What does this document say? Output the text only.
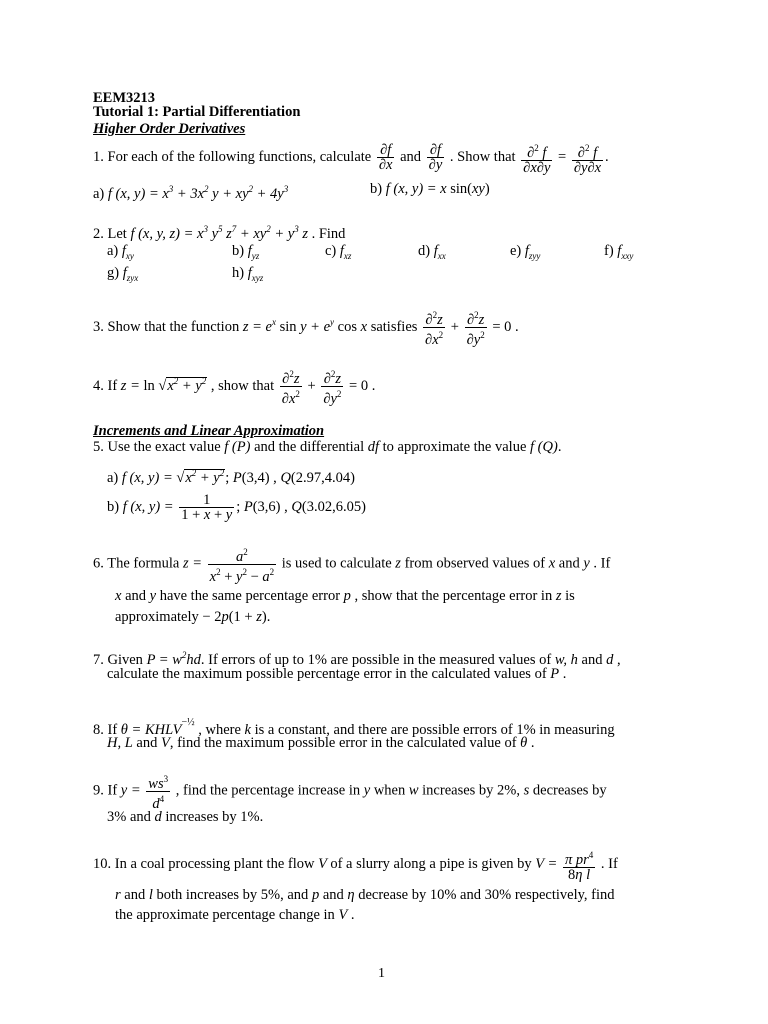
EEM3213
Tutorial 1: Partial Differentiation
Higher Order Derivatives
1. For each of the following functions, calculate $\frac{\partial f}{\partial x}$ and $\frac{\partial f}{\partial y}$ . Show that $\frac{\partial^2 f}{\partial x\partial y} = \frac{\partial^2 f}{\partial y\partial x}$ .
a) f (x, $y) = x^3 + 3x^2$ $y + xy^2 + 4y^3$	b) f (x, y) = x sin(xy)
2. Let f (x, y, $z) = x^3$ $y^5$ $z^7 + xy^2 + y^3$ z . Find
a) $f_{xy}$	b) $f_{yz}$	c) $f_{xz}$	d) $f_{xx}$	e) $f_{zyy}$	f) $f_{xxy}$
g) $f_{zyx}$	h) $f_{xyz}$
3. Show that the function $z = e^x$ $\sin y + e^y$ cos x satisfies $\frac{\partial^2z}{\partial x^2} + \frac{\partial^2z}{\partial y^2} = 0$ .
4. If $z = \ln √x^2 + y^2$ , show that $\frac{\partial^2z}{\partial x^2} + \frac{\partial^2z}{\partial y^2} = 0$ .
Increments and Linear Approximation
5. Use the exact value f (P) and the differential df to approximate the value f (Q).
a) f (x, $y) = √x^2 + y^2$; P(3,4) , Q(2.97,4.04)
b) f (x, $y) = \frac{1}{1 + x + y}$ ; P(3,6) , Q(3.02,6.05)
6. The formula $z = \frac{a^2}{x^2 + y^2 - a^2}$ is used to calculate z from observed values of x and y . If
x and y have the same percentage error p , show that the percentage error in z is
approximately − 2p(1 + z).
7. Given $P = w^2hd$. If errors of up to 1% are possible in the measured values of w, h and d ,
calculate the maximum possible percentage error in the calculated values of P .
8. If $\theta = KHLV^{-\frac{1}{2}}$ , where k is a constant, and there are possible errors of 1% in measuring
H, L and V, find the maximum possible error in the calculated value of θ .
9. If $y = \frac{ws^3}{d^4}$ , find the percentage increase in y when w increases by 2%, s decreases by
3% and d increases by 1%.
10. In a coal processing plant the flow V of a slurry along a pipe is given by $V = \frac{\pi pr^4}{\text{8η l}}$ . If
r and l both increases by 5%, and p and η decrease by 10% and 30% respectively, find
the approximate percentage change in V .
1
